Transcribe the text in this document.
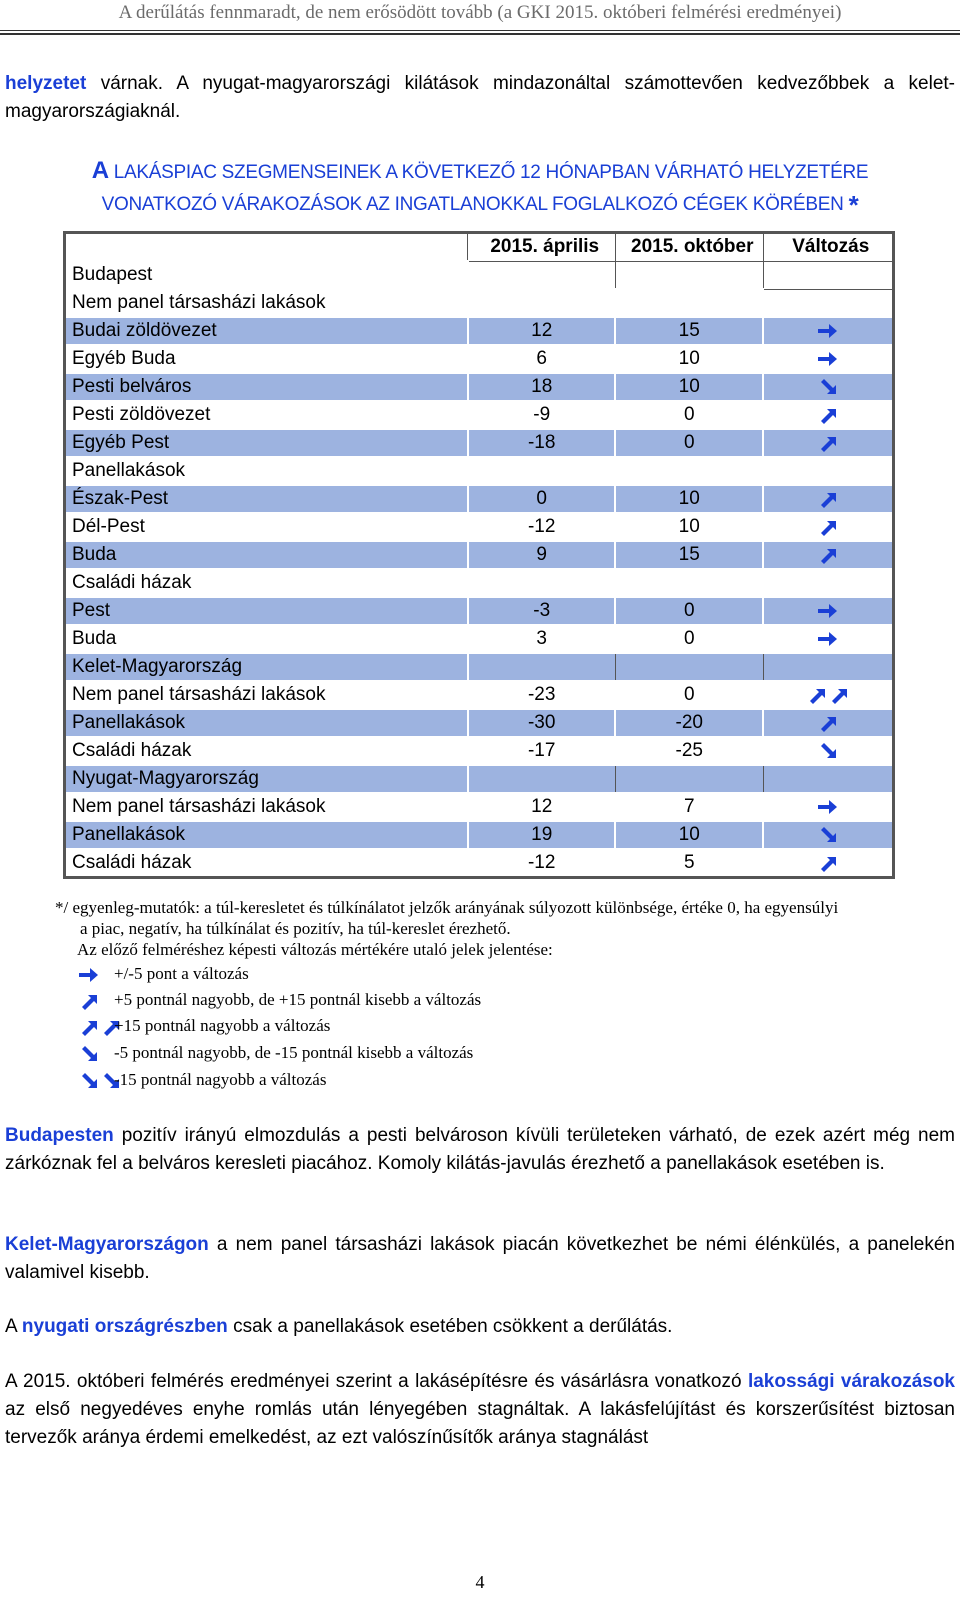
A derűlátás fennmaradt, de nem erősödött tovább (a GKI 2015. októberi felmérési eredményei)
helyzetet várnak. A nyugat-magyarországi kilátások mindazonáltal számottevően kedvezőbbek a kelet-magyarországiaknál.
A LAKÁSPIAC SZEGMENSEINEK A KÖVETKEZŐ 12 HÓNAPBAN VÁRHATÓ HELYZETÉRE
VONATKOZÓ VÁRAKOZÁSOK AZ INGATLANOKKAL FOGLALKOZÓ CÉGEK KÖRÉBEN *
	2015. április	2015. október	Változás
Budapest			
Nem panel társasházi lakások			
Budai zöldövezet	12	15	
Egyéb Buda	6	10	
Pesti belváros	18	10	
Pesti zöldövezet	-9	0	
Egyéb Pest	-18	0	
Panellakások			
Észak-Pest	0	10	
Dél-Pest	-12	10	
Buda	9	15	
Családi házak			
Pest	-3	0	
Buda	3	0	
Kelet-Magyarország			
Nem panel társasházi lakások	-23	0	
Panellakások	-30	-20	
Családi házak	-17	-25	
Nyugat-Magyarország			
Nem panel társasházi lakások	12	7	
Panellakások	19	10	
Családi házak	-12	5	
*/ egyenleg-mutatók: a túl-keresletet és túlkínálatot jelzők arányának súlyozott különbsége, értéke 0, ha egyensúlyi
a piac, negatív, ha túlkínálat és pozitív, ha túl-kereslet érezhető.
Az előző felméréshez képesti változás mértékére utaló jelek jelentése:
+/-5 pont a változás
+5 pontnál nagyobb, de +15 pontnál kisebb a változás
+15 pontnál nagyobb a változás
-5 pontnál nagyobb, de -15 pontnál kisebb a változás
-15 pontnál nagyobb a változás
Budapesten pozitív irányú elmozdulás a pesti belvároson kívüli területeken várható, de ezek azért még nem zárkóznak fel a belváros keresleti piacához. Komoly kilátás-javulás érezhető a panellakások esetében is.
Kelet-Magyarországon a nem panel társasházi lakások piacán következhet be némi élénkülés, a panelekén valamivel kisebb.
A nyugati országrészben csak a panellakások esetében csökkent a derűlátás.
A 2015. októberi felmérés eredményei szerint a lakásépítésre és vásárlásra vonatkozó lakossági várakozások az első negyedéves enyhe romlás után lényegében stagnáltak. A lakásfelújítást és korszerűsítést biztosan tervezők aránya érdemi emelkedést, az ezt valószínűsítők aránya stagnálást
4
